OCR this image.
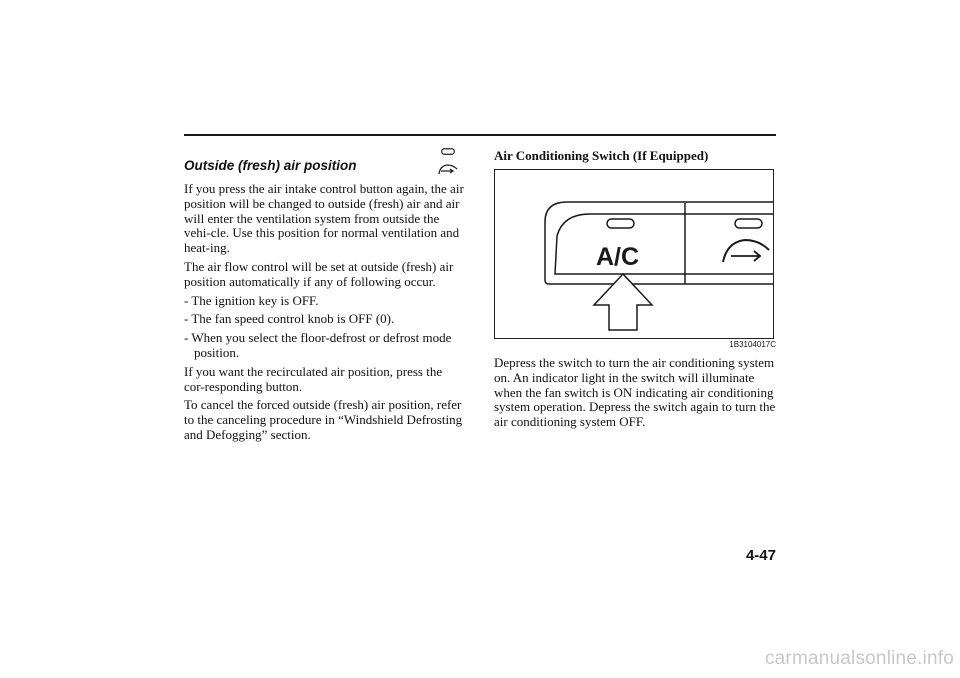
Outside (fresh) air position

If you press the air intake control button again, the air position will be changed to outside (fresh) air and air will enter the ventilation system from outside the vehi-cle. Use this position for normal ventilation and heat-ing.

The air flow control will be set at outside (fresh) air position automatically if any of following occur.

- The ignition key is OFF.
- The fan speed control knob is OFF (0).
- When you select the floor-defrost or defrost mode position.

If you want the recirculated air position, press the cor-responding button.

To cancel the forced outside (fresh) air position, refer to the canceling procedure in “Windshield Defrosting and Defogging” section.

Air Conditioning Switch (If Equipped)
A/C
1B3104017C

Depress the switch to turn the air conditioning system on. An indicator light in the switch will illuminate when the fan switch is ON indicating air conditioning system operation. Depress the switch again to turn the air conditioning system OFF.

4-47
carmanualsonline.info
